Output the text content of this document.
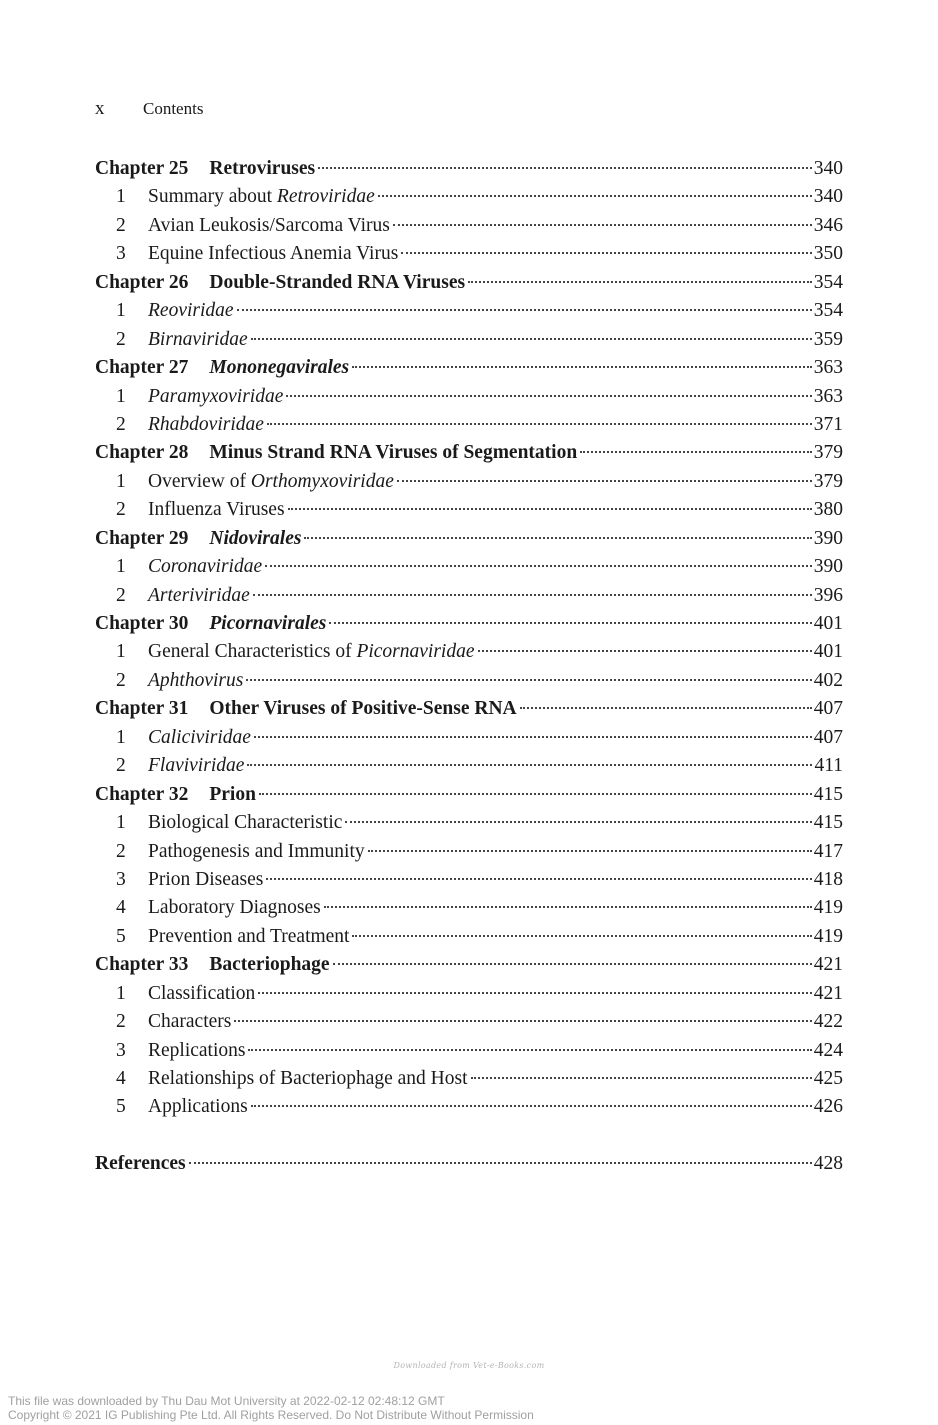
x	Contents
Chapter 25 Retroviruses	340
1	Summary about Retroviridae	340
2	Avian Leukosis/Sarcoma Virus	346
3	Equine Infectious Anemia Virus	350
Chapter 26 Double-Stranded RNA Viruses	354
1	Reoviridae	354
2	Birnaviridae	359
Chapter 27 Mononegavirales	363
1	Paramyxoviridae	363
2	Rhabdoviridae	371
Chapter 28 Minus Strand RNA Viruses of Segmentation	379
1	Overview of Orthomyxoviridae	379
2	Influenza Viruses	380
Chapter 29 Nidovirales	390
1	Coronaviridae	390
2	Arteriviridae	396
Chapter 30 Picornavirales	401
1	General Characteristics of Picornaviridae	401
2	Aphthovirus	402
Chapter 31 Other Viruses of Positive-Sense RNA	407
1	Caliciviridae	407
2	Flaviviridae	411
Chapter 32 Prion	415
1	Biological Characteristic	415
2	Pathogenesis and Immunity	417
3	Prion Diseases	418
4	Laboratory Diagnoses	419
5	Prevention and Treatment	419
Chapter 33 Bacteriophage	421
1	Classification	421
2	Characters	422
3	Replications	424
4	Relationships of Bacteriophage and Host	425
5	Applications	426
References	428
Downloaded from Vet-e-Books.com
This file was downloaded by Thu Dau Mot University at 2022-02-12 02:48:12 GMT
Copyright © 2021 IG Publishing Pte Ltd. All Rights Reserved. Do Not Distribute Without Permission
